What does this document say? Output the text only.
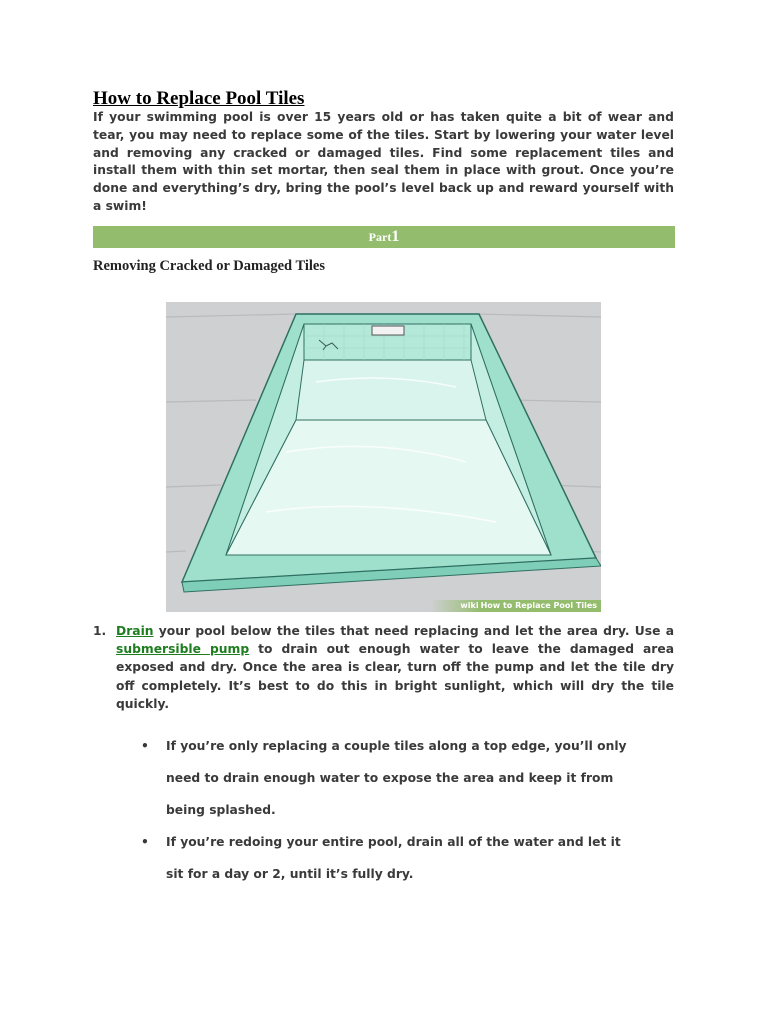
How to Replace Pool Tiles

If your swimming pool is over 15 years old or has taken quite a bit of wear and tear, you may need to replace some of the tiles. Start by lowering your water level and removing any cracked or damaged tiles. Find some replacement tiles and install them with thin set mortar, then seal them in place with grout. Once you’re done and everything’s dry, bring the pool’s level back up and reward yourself with a swim!

Part1
Removing Cracked or Damaged Tiles
wiki How to Replace Pool Tiles
1. Drain your pool below the tiles that need replacing and let the area dry. Use a submersible pump to drain out enough water to leave the damaged area exposed and dry. Once the area is clear, turn off the pump and let the tile dry off completely. It’s best to do this in bright sunlight, which will dry the tile quickly.
• If you’re only replacing a couple tiles along a top edge, you’ll only need to drain enough water to expose the area and keep it from being splashed.
• If you’re redoing your entire pool, drain all of the water and let it sit for a day or 2, until it’s fully dry.
